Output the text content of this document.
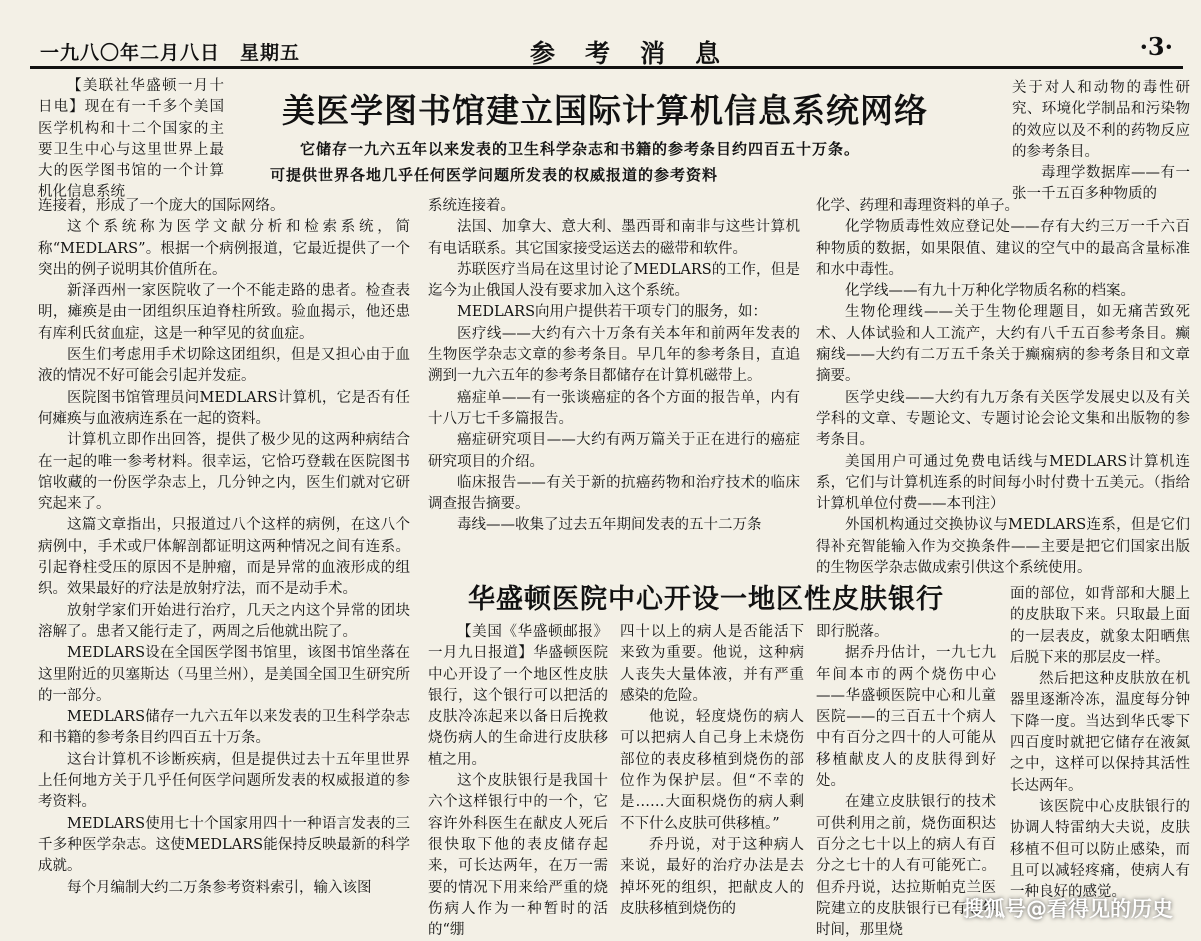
一九八〇年二月八日　星期五	参考消息	·3·
美医学图书馆建立国际计算机信息系统网络
它储存一九六五年以来发表的卫生科学杂志和书籍的参考条目约四百五十万条。
可提供世界各地几乎任何医学问题所发表的权威报道的参考资料

【美联社华盛顿一月十日电】现在有一千多个美国医学机构和十二个国家的主要卫生中心与这里世界上最大的医学图书馆的一个计算机化信息系统

连接着，形成了一个庞大的国际网络。

这个系统称为医学文献分析和检索系统，简称“MEDLARS”。根据一个病例报道，它最近提供了一个突出的例子说明其价值所在。

新泽西州一家医院收了一个不能走路的患者。检查表明，瘫痪是由一团组织压迫脊柱所致。验血揭示，他还患有库利氏贫血症，这是一种罕见的贫血症。

医生们考虑用手术切除这团组织，但是又担心由于血液的情况不好可能会引起并发症。

医院图书馆管理员问MEDLARS计算机，它是否有任何瘫痪与血液病连系在一起的资料。

计算机立即作出回答，提供了极少见的这两种病结合在一起的唯一参考材料。很幸运，它恰巧登载在医院图书馆收藏的一份医学杂志上，几分钟之内，医生们就对它研究起来了。

这篇文章指出，只报道过八个这样的病例，在这八个病例中，手术或尸体解剖都证明这两种情况之间有连系。引起脊柱受压的原因不是肿瘤，而是异常的血液形成的组织。效果最好的疗法是放射疗法，而不是动手术。

放射学家们开始进行治疗，几天之内这个异常的团块溶解了。患者又能行走了，两周之后他就出院了。

MEDLARS设在全国医学图书馆里，该图书馆坐落在这里附近的贝塞斯达（马里兰州），是美国全国卫生研究所的一部分。

MEDLARS储存一九六五年以来发表的卫生科学杂志和书籍的参考条目约四百五十万条。

这台计算机不诊断疾病，但是提供过去十五年里世界上任何地方关于几乎任何医学问题所发表的权威报道的参考资料。

MEDLARS使用七十个国家用四十一种语言发表的三千多种医学杂志。这使MEDLARS能保持反映最新的科学成就。

每个月编制大约二万条参考资料索引，输入该图

系统连接着。

法国、加拿大、意大利、墨西哥和南非与这些计算机有电话联系。其它国家接受运送去的磁带和软件。

苏联医疗当局在这里讨论了MEDLARS的工作，但是迄今为止俄国人没有要求加入这个系统。

MEDLARS向用户提供若干项专门的服务，如：

医疗线——大约有六十万条有关本年和前两年发表的生物医学杂志文章的参考条目。早几年的参考条目，直追溯到一九六五年的参考条目都储存在计算机磁带上。

癌症单——有一张谈癌症的各个方面的报告单，内有十八万七千多篇报告。

癌症研究项目——大约有两万篇关于正在进行的癌症研究项目的介绍。

临床报告——有关于新的抗癌药物和治疗技术的临床调查报告摘要。

毒线——收集了过去五年期间发表的五十二万条

关于对人和动物的毒性研究、环境化学制品和污染物的效应以及不利的药物反应的参考条目。

毒理学数据库——有一张一千五百多种物质的

化学、药理和毒理资料的单子。

化学物质毒性效应登记处——存有大约三万一千六百种物质的数据，如果限值、建议的空气中的最高含量标准和水中毒性。

化学线——有九十万种化学物质名称的档案。

生物伦理线——关于生物伦理题目，如无痛苦致死术、人体试验和人工流产，大约有八千五百参考条目。癫痫线——大约有二万五千条关于癫痫病的参考条目和文章摘要。

医学史线——大约有九万条有关医学发展史以及有关学科的文章、专题论文、专题讨论会论文集和出版物的参考条目。

美国用户可通过免费电话线与MEDLARS计算机连系，它们与计算机连系的时间每小时付费十五美元。（指给计算机单位付费——本刊注）

外国机构通过交换协议与MEDLARS连系，但是它们得补充智能输入作为交换条件——主要是把它们国家出版的生物医学杂志做成索引供这个系统使用。

华盛顿医院中心开设一地区性皮肤银行

【美国《华盛顿邮报》一月九日报道】华盛顿医院中心开设了一个地区性皮肤银行，这个银行可以把活的皮肤冷冻起来以备日后挽救烧伤病人的生命进行皮肤移植之用。

这个皮肤银行是我国十六个这样银行中的一个，它容许外科医生在献皮人死后很快取下他的表皮储存起来，可长达两年，在万一需要的情况下用来给严重的烧伤病人作为一种暂时的活的“绷

四十以上的病人是否能活下来致为重要。他说，这种病人丧失大量体液，并有严重感染的危险。

他说，轻度烧伤的病人可以把病人自己身上未烧伤部位的表皮移植到烧伤的部位作为保护层。但“不幸的是……大面积烧伤的病人剩不下什么皮肤可供移植。”

乔丹说，对于这种病人来说，最好的治疗办法是去掉坏死的组织，把献皮人的皮肤移植到烧伤的

即行脱落。

据乔丹估计，一九七九年间本市的两个烧伤中心——华盛顿医院中心和儿童医院——的三百五十个病人中有百分之四十的人可能从移植献皮人的皮肤得到好处。

在建立皮肤银行的技术可供利用之前，烧伤面积达百分之七十以上的病人有百分之七十的人有可能死亡。但乔丹说，达拉斯帕克兰医院建立的皮肤银行已有七年时间，那里烧

面的部位，如背部和大腿上的皮肤取下来。只取最上面的一层表皮，就象太阳晒焦后脱下来的那层皮一样。

然后把这种皮肤放在机器里逐渐冷冻，温度每分钟下降一度。当达到华氏零下四百度时就把它储存在液氮之中，这样可以保持其活性长达两年。

该医院中心皮肤银行的协调人特雷纳大夫说，皮肤移植不但可以防止感染，而且可以减轻疼痛，使病人有一种良好的感觉。

搜狐号@看得见的历史
